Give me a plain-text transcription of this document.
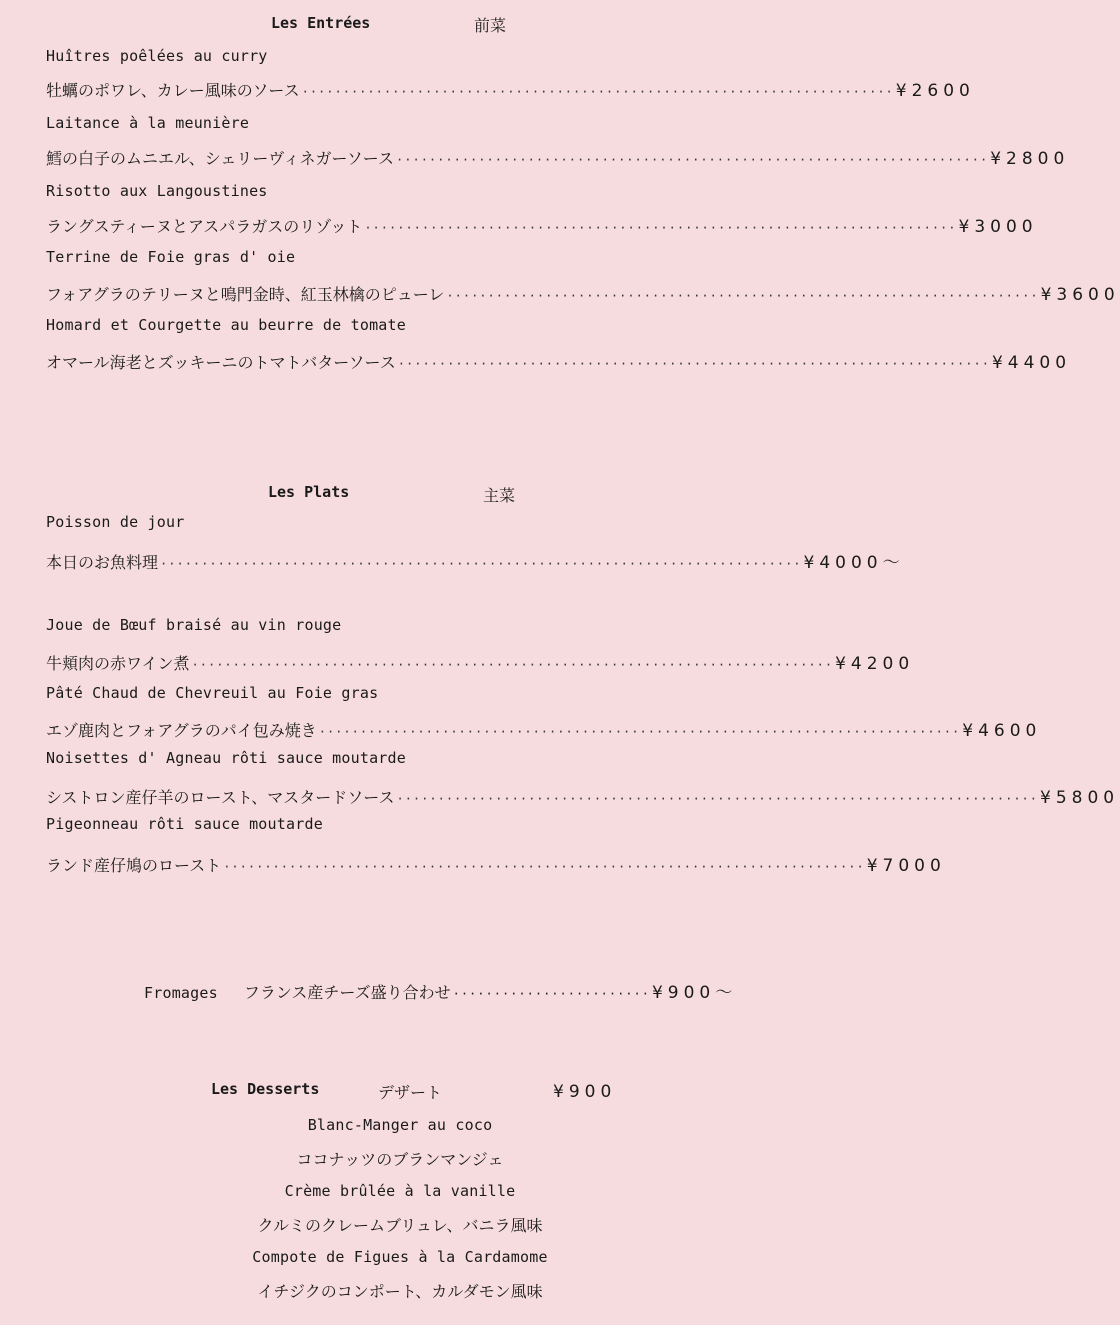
Les Entrées	前菜
Huîtres poêlées au curry
牡蠣のポワレ、カレー風味のソース ········································································ ¥2600
Laitance à la meunière
鱈の白子のムニエル、シェリーヴィネガーソース ········································································ ¥2800
Risotto aux Langoustines
ラングスティーヌとアスパラガスのリゾット ········································································ ¥3000
Terrine de Foie gras d' oie
フォアグラのテリーヌと鳴門金時、紅玉林檎のピューレ ········································································ ¥3600
Homard et Courgette au beurre de tomate
オマール海老とズッキーニのトマトバターソース ········································································ ¥4400
Les Plats	主菜
Poisson de jour
本日のお魚料理 ·············································································· ¥4000～
Joue de Bœuf braisé au vin rouge
牛頬肉の赤ワイン煮 ·············································································· ¥4200
Pâté Chaud de Chevreuil au Foie gras
エゾ鹿肉とフォアグラのパイ包み焼き ·············································································· ¥4600
Noisettes d' Agneau rôti sauce moutarde
シストロン産仔羊のロースト、マスタードソース ·············································································· ¥5800
Pigeonneau rôti sauce moutarde
ランド産仔鳩のロースト ·············································································· ¥7000
Fromages フランス産チーズ盛り合わせ ························ ¥900～
Les Desserts	デザート	¥900
Blanc-Manger au coco
ココナッツのブランマンジェ
Crème brûlée à la vanille
クルミのクレームブリュレ、バニラ風味
Compote de Figues à la Cardamome
イチジクのコンポート、カルダモン風味
